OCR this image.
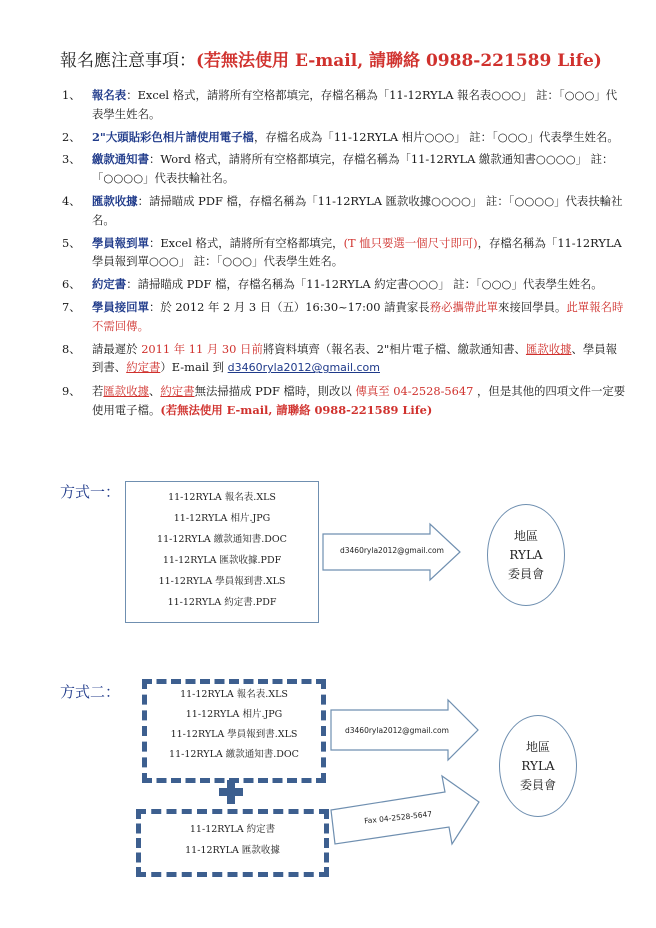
報名應注意事項：(若無法使用 E-mail, 請聯絡 0988-221589 Life)
1、 報名表：Excel 格式，請將所有空格都填完，存檔名稱為「11-12RYLA 報名表○○○」 註：「○○○」代表學生姓名。
2、 2"大頭貼彩色相片請使用電子檔，存檔名成為「11-12RYLA 相片○○○」 註：「○○○」代表學生姓名。
3、 繳款通知書：Word 格式，請將所有空格都填完，存檔名稱為「11-12RYLA 繳款通知書○○○○」 註：「○○○○」代表扶輪社名。
4、 匯款收據：請掃瞄成 PDF 檔，存檔名稱為「11-12RYLA 匯款收據○○○○」 註：「○○○○」代表扶輪社名。
5、 學員報到單：Excel 格式，請將所有空格都填完，(T 恤只要選一個尺寸即可)，存檔名稱為「11-12RYLA 學員報到單○○○」 註：「○○○」代表學生姓名。
6、 約定書：請掃瞄成 PDF 檔，存檔名稱為「11-12RYLA 約定書○○○」 註：「○○○」代表學生姓名。
7、 學員接回單：於 2012 年 2 月 3 日（五）16:30~17:00 請貴家長務必攜帶此單來接回學員。此單報名時不需回傳。
8、 請最遲於 2011 年 11 月 30 日前將資料填齊（報名表、2"相片電子檔、繳款通知書、匯款收據、學員報到書、約定書）E-mail 到 d3460ryla2012@gmail.com
9、 若匯款收據、約定書無法掃描成 PDF 檔時，則改以 傳真至 04-2528-5647 ，但是其他的四項文件一定要使用電子檔。(若無法使用 E-mail, 請聯絡 0988-221589 Life)
方式一：	11-12RYLA 報名表.XLS
11-12RYLA 相片.JPG
11-12RYLA 繳款通知書.DOC
11-12RYLA 匯款收據.PDF
11-12RYLA 學員報到書.XLS
11-12RYLA 約定書.PDF
d3460ryla2012@gmail.com
地區
RYLA
委員會
方式二：	11-12RYLA 報名表.XLS
11-12RYLA 相片.JPG
11-12RYLA 學員報到書.XLS
11-12RYLA 繳款通知書.DOC
11-12RYLA 約定書
11-12RYLA 匯款收據
d3460ryla2012@gmail.com
Fax 04-2528-5647
地區
RYLA
委員會
